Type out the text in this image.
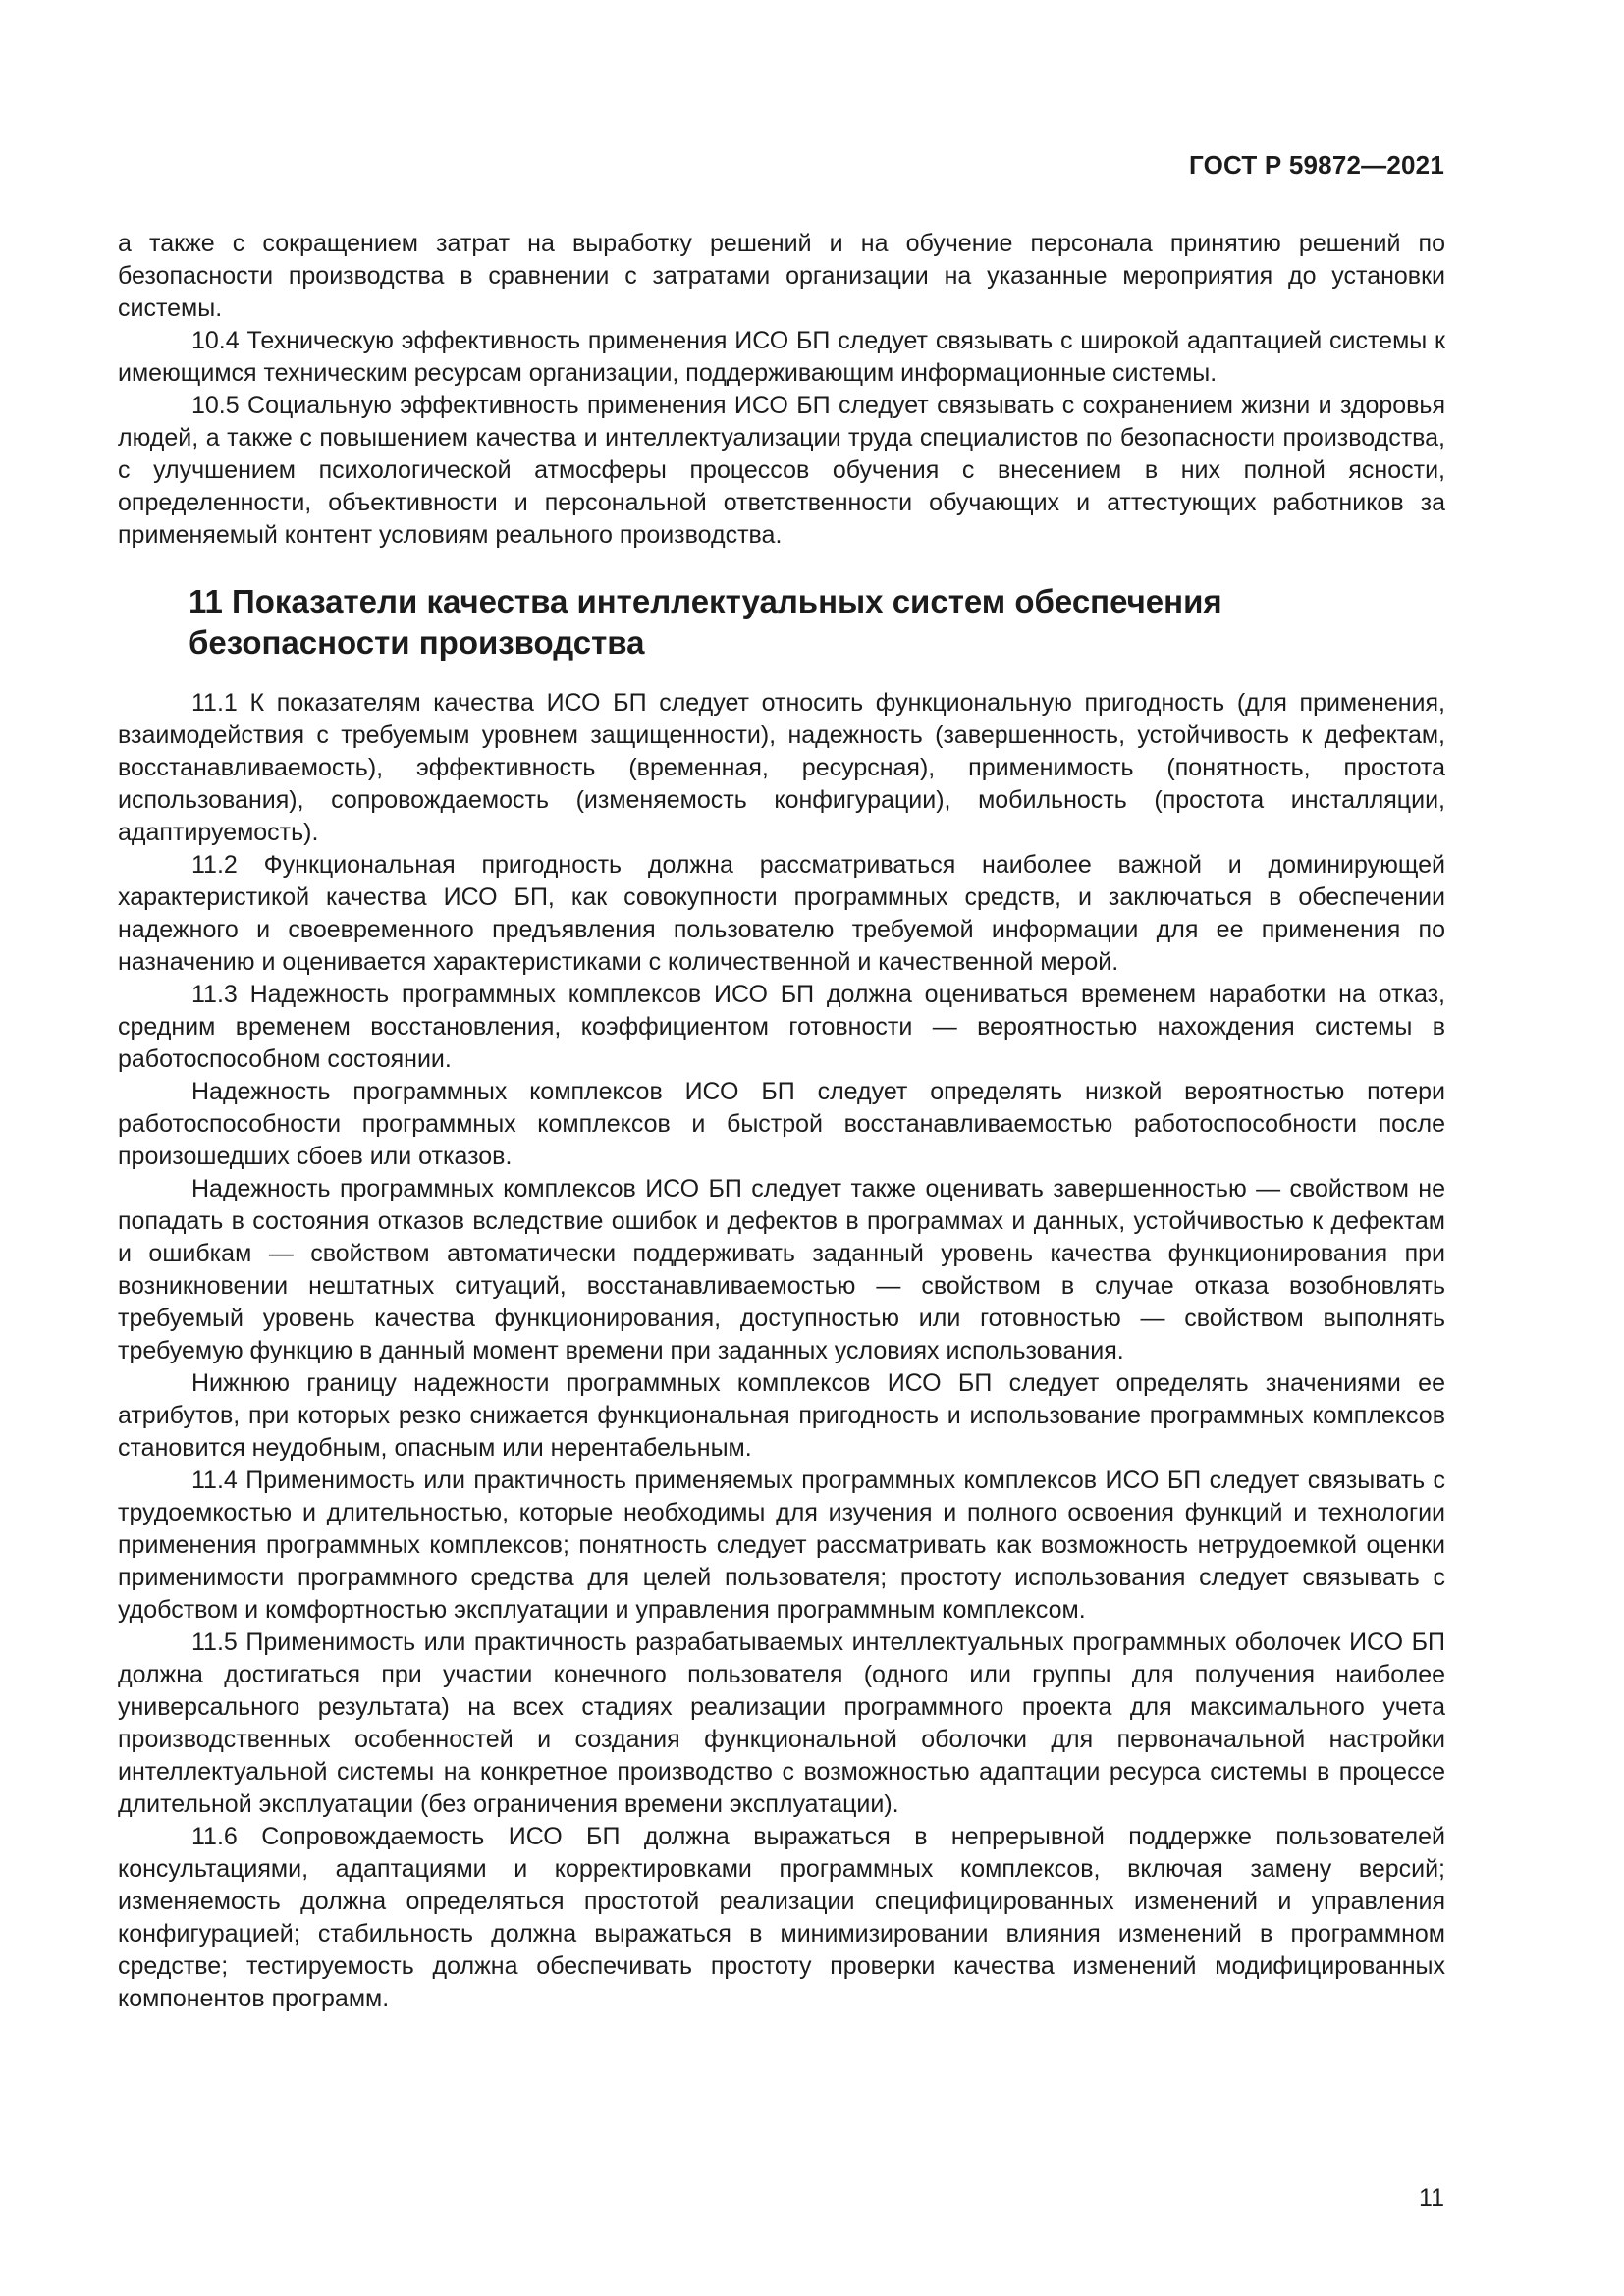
ГОСТ Р 59872—2021

а также с сокращением затрат на выработку решений и на обучение персонала принятию решений по безопасности производства в сравнении с затратами организации на указанные мероприятия до установки системы.

10.4 Техническую эффективность применения ИСО БП следует связывать с широкой адаптацией системы к имеющимся техническим ресурсам организации, поддерживающим информационные системы.

10.5 Социальную эффективность применения ИСО БП следует связывать с сохранением жизни и здоровья людей, а также с повышением качества и интеллектуализации труда специалистов по безопасности производства, с улучшением психологической атмосферы процессов обучения с внесением в них полной ясности, определенности, объективности и персональной ответственности обучающих и аттестующих работников за применяемый контент условиям реального производства.

11 Показатели качества интеллектуальных систем обеспечения безопасности производства

11.1 К показателям качества ИСО БП следует относить функциональную пригодность (для применения, взаимодействия с требуемым уровнем защищенности), надежность (завершенность, устойчивость к дефектам, восстанавливаемость), эффективность (временная, ресурсная), применимость (понятность, простота использования), сопровождаемость (изменяемость конфигурации), мобильность (простота инсталляции, адаптируемость).

11.2 Функциональная пригодность должна рассматриваться наиболее важной и доминирующей характеристикой качества ИСО БП, как совокупности программных средств, и заключаться в обеспечении надежного и своевременного предъявления пользователю требуемой информации для ее применения по назначению и оценивается характеристиками с количественной и качественной мерой.

11.3 Надежность программных комплексов ИСО БП должна оцениваться временем наработки на отказ, средним временем восстановления, коэффициентом готовности — вероятностью нахождения системы в работоспособном состоянии.

Надежность программных комплексов ИСО БП следует определять низкой вероятностью потери работоспособности программных комплексов и быстрой восстанавливаемостью работоспособности после произошедших сбоев или отказов.

Надежность программных комплексов ИСО БП следует также оценивать завершенностью — свойством не попадать в состояния отказов вследствие ошибок и дефектов в программах и данных, устойчивостью к дефектам и ошибкам — свойством автоматически поддерживать заданный уровень качества функционирования при возникновении нештатных ситуаций, восстанавливаемостью — свойством в случае отказа возобновлять требуемый уровень качества функционирования, доступностью или готовностью — свойством выполнять требуемую функцию в данный момент времени при заданных условиях использования.

Нижнюю границу надежности программных комплексов ИСО БП следует определять значениями ее атрибутов, при которых резко снижается функциональная пригодность и использование программных комплексов становится неудобным, опасным или нерентабельным.

11.4 Применимость или практичность применяемых программных комплексов ИСО БП следует связывать с трудоемкостью и длительностью, которые необходимы для изучения и полного освоения функций и технологии применения программных комплексов; понятность следует рассматривать как возможность нетрудоемкой оценки применимости программного средства для целей пользователя; простоту использования следует связывать с удобством и комфортностью эксплуатации и управления программным комплексом.

11.5 Применимость или практичность разрабатываемых интеллектуальных программных оболочек ИСО БП должна достигаться при участии конечного пользователя (одного или группы для получения наиболее универсального результата) на всех стадиях реализации программного проекта для максимального учета производственных особенностей и создания функциональной оболочки для первоначальной настройки интеллектуальной системы на конкретное производство с возможностью адаптации ресурса системы в процессе длительной эксплуатации (без ограничения времени эксплуатации).

11.6 Сопровождаемость ИСО БП должна выражаться в непрерывной поддержке пользователей консультациями, адаптациями и корректировками программных комплексов, включая замену версий; изменяемость должна определяться простотой реализации специфицированных изменений и управления конфигурацией; стабильность должна выражаться в минимизировании влияния изменений в программном средстве; тестируемость должна обеспечивать простоту проверки качества изменений модифицированных компонентов программ.

11
